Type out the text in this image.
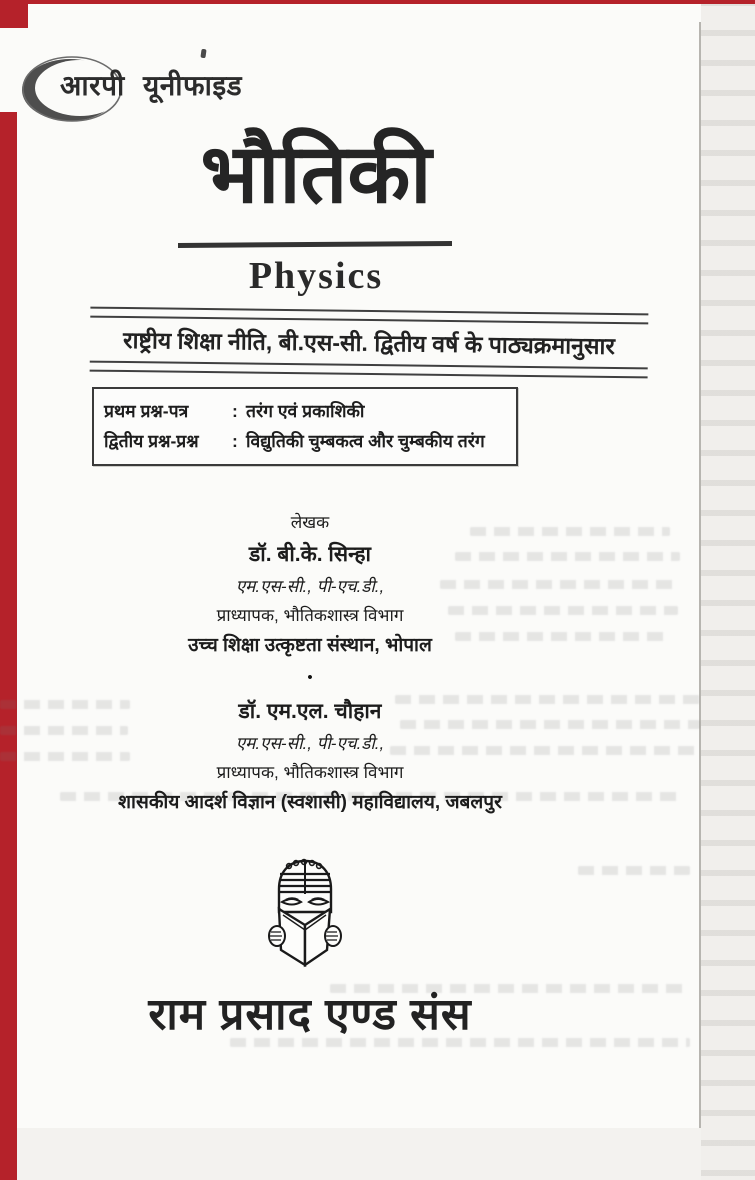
आरपी यूनीफाइड
भौतिकी
Physics
राष्ट्रीय शिक्षा नीति, बी.एस-सी. द्वितीय वर्ष के पाठ्यक्रमानुसार
प्रथम प्रश्न-पत्र	: तरंग एवं प्रकाशिकी
द्वितीय प्रश्न-प्रश्न	: विद्युतिकी चुम्बकत्व और चुम्बकीय तरंग
लेखक
डॉ. बी.के. सिन्हा
एम.एस-सी., पी-एच.डी.,
प्राध्यापक, भौतिकशास्त्र विभाग
उच्च शिक्षा उत्कृष्टता संस्थान, भोपाल
•
डॉ. एम.एल. चौहान
एम.एस-सी., पी-एच.डी.,
प्राध्यापक, भौतिकशास्त्र विभाग
शासकीय आदर्श विज्ञान (स्वशासी) महाविद्यालय, जबलपुर
राम प्रसाद एण्ड संस
